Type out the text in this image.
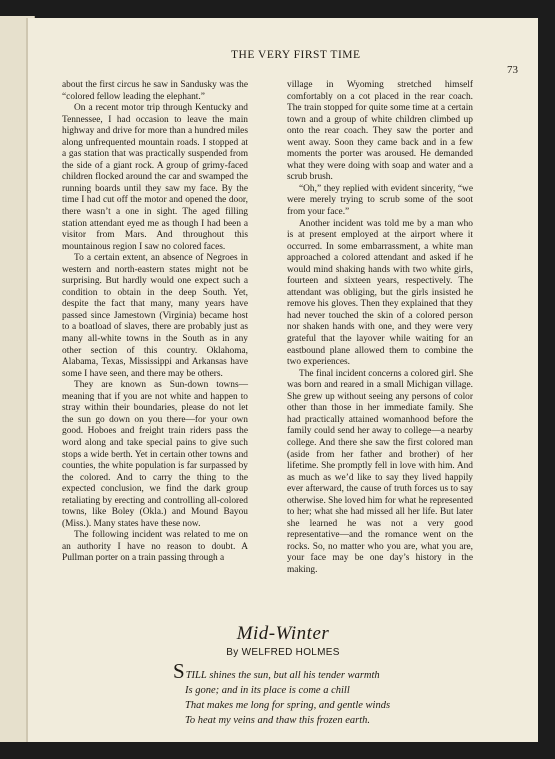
THE VERY FIRST TIME
73

about the first circus he saw in Sandusky was the “colored fellow leading the elephant.”

On a recent motor trip through Kentucky and Tennessee, I had occasion to leave the main highway and drive for more than a hundred miles along unfrequented mountain roads. I stopped at a gas station that was practically suspended from the side of a giant rock. A group of grimy-faced children flocked around the car and swamped the running boards until they saw my face. By the time I had cut off the motor and opened the door, there wasn’t a one in sight. The aged filling station attendant eyed me as though I had been a visitor from Mars. And throughout this mountainous region I saw no colored faces.

To a certain extent, an absence of Negroes in western and north-eastern states might not be surprising. But hardly would one expect such a condition to obtain in the deep South. Yet, despite the fact that many, many years have passed since Jamestown (Virginia) became host to a boatload of slaves, there are probably just as many all-white towns in the South as in any other section of this country. Oklahoma, Alabama, Texas, Mississippi and Arkansas have some I have seen, and there may be others.

They are known as Sun-down towns—meaning that if you are not white and happen to stray within their boundaries, please do not let the sun go down on you there—for your own good. Hoboes and freight train riders pass the word along and take special pains to give such stops a wide berth. Yet in certain other towns and counties, the white population is far surpassed by the colored. And to carry the thing to the expected conclusion, we find the dark group retaliating by erecting and controlling all-colored towns, like Boley (Okla.) and Mound Bayou (Miss.). Many states have these now.

The following incident was related to me on an authority I have no reason to doubt. A Pullman porter on a train passing through a

village in Wyoming stretched himself comfortably on a cot placed in the rear coach. The train stopped for quite some time at a certain town and a group of white children climbed up onto the rear coach. They saw the porter and went away. Soon they came back and in a few moments the porter was aroused. He demanded what they were doing with soap and water and a scrub brush.

“Oh,” they replied with evident sincerity, “we were merely trying to scrub some of the soot from your face.”

Another incident was told me by a man who is at present employed at the airport where it occurred. In some embarrassment, a white man approached a colored attendant and asked if he would mind shaking hands with two white girls, fourteen and sixteen years, respectively. The attendant was obliging, but the girls insisted he remove his gloves. Then they explained that they had never touched the skin of a colored person nor shaken hands with one, and they were very grateful that the layover while waiting for an eastbound plane allowed them to combine the two experiences.

The final incident concerns a colored girl. She was born and reared in a small Michigan village. She grew up without seeing any persons of color other than those in her immediate family. She had practically attained womanhood before the family could send her away to college—a nearby college. And there she saw the first colored man (aside from her father and brother) of her lifetime. She promptly fell in love with him. And as much as we’d like to say they lived happily ever afterward, the cause of truth forces us to say otherwise. She loved him for what he represented to her; what she had missed all her life. But later she learned he was not a very good representative—and the romance went on the rocks. So, no matter who you are, what you are, your face may be one day’s history in the making.

Mid-Winter
By WELFRED HOLMES
STILL shines the sun, but all his tender warmth
Is gone; and in its place is come a chill
That makes me long for spring, and gentle winds
To heat my veins and thaw this frozen earth.
